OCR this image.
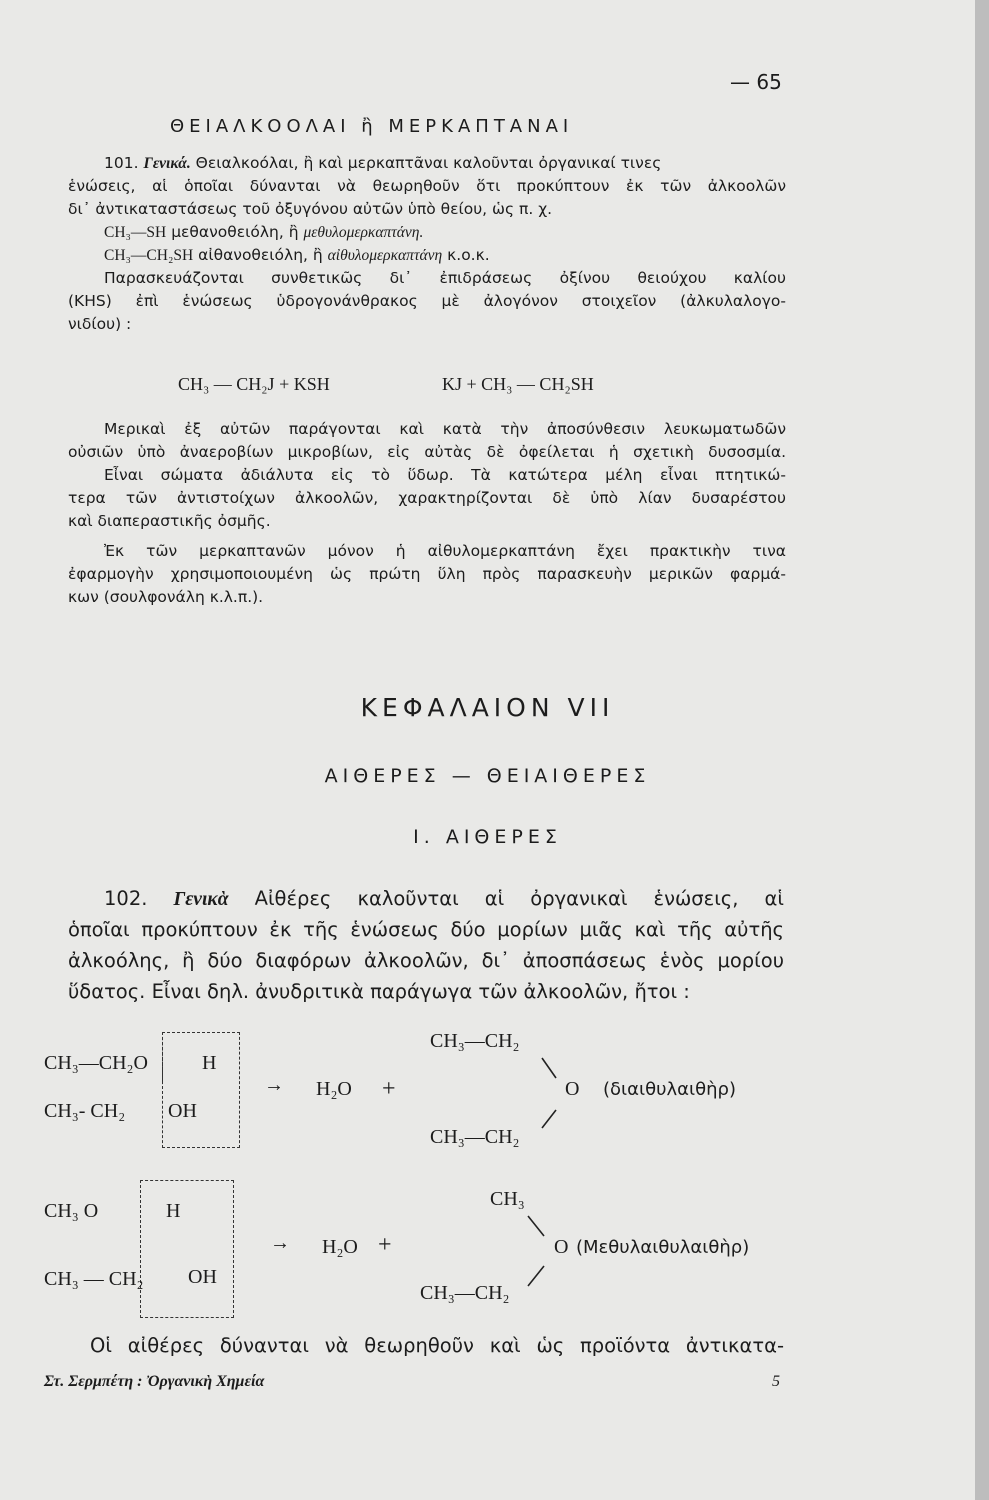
— 65
ΘΕΙΑΛΚΟΟΛΑΙ ἢ ΜΕΡΚΑΠΤΑΝΑΙ
101. Γενικά. Θειαλκοόλαι, ἢ καὶ μερκαπτᾶναι καλοῦνται ὀργανικαί τινες
ἑνώσεις, αἱ ὁποῖαι δύνανται νὰ θεωρηθοῦν ὅτι προκύπτουν ἐκ τῶν ἀλκοολῶν
δι᾽ ἀντικαταστάσεως τοῦ ὀξυγόνου αὐτῶν ὑπὸ θείου, ὡς π. χ.
CH₃—SH μεθανοθειόλη, ἢ μεθυλομερκαπτάνη.
CH₃—CH₂SH αἰθανοθειόλη, ἢ αἰθυλομερκαπτάνη κ.ο.κ.
Παρασκευάζονται συνθετικῶς δι᾽ ἐπιδράσεως ὀξίνου θειούχου καλίου
(KHS) ἐπὶ ἑνώσεως ὑδρογονάνθρακος μὲ ἀλογόνον στοιχεῖον (ἀλκυλαλογο-
νιδίου) :
CH₃ — CH₂J + KSH	KJ + CH₃ — CH₂SH
Μερικαὶ ἐξ αὐτῶν παράγονται καὶ κατὰ τὴν ἀποσύνθεσιν λευκωματωδῶν
οὐσιῶν ὑπὸ ἀναεροβίων μικροβίων, εἰς αὐτὰς δὲ ὀφείλεται ἡ σχετικὴ δυσοσμία.
Εἶναι σώματα ἀδιάλυτα εἰς τὸ ὕδωρ. Τὰ κατώτερα μέλη εἶναι πτητικώ-
τερα τῶν ἀντιστοίχων ἀλκοολῶν, χαρακτηρίζονται δὲ ὑπὸ λίαν δυσαρέστου
καὶ διαπεραστικῆς ὀσμῆς.
Ἐκ τῶν μερκαπτανῶν μόνον ἡ αἰθυλομερκαπτάνη ἔχει πρακτικὴν τινα
ἐφαρμογὴν χρησιμοποιουμένη ὡς πρώτη ὕλη πρὸς παρασκευὴν μερικῶν φαρμά-
κων (σουλφονάλη κ.λ.π.).
ΚΕΦΑΛΑΙΟΝ VII
ΑΙΘΕΡΕΣ — ΘΕΙΑΙΘΕΡΕΣ
I. ΑΙΘΕΡΕΣ
102. Γενικὰ Αἰθέρες καλοῦνται αἱ ὀργανικαὶ ἑνώσεις, αἱ
ὁποῖαι προκύπτουν ἐκ τῆς ἑνώσεως δύο μορίων μιᾶς καὶ τῆς αὐτῆς
ἀλκοόλης, ἢ δύο διαφόρων ἀλκοολῶν, δι᾽ ἀποσπάσεως ἑνὸς μορίου
ὕδατος. Εἶναι δηλ. ἀνυδριτικὰ παράγωγα τῶν ἀλκοολῶν, ἤτοι :
CH₃—CH₂O	H
CH₃- CH₂ OH
→ H₂O +
CH₃—CH₂
O (διαιθυλαιθὴρ)
CH₃—CH₂
CH₃ O	H
CH₃ — CH₂ OH
→ H₂O +
CH₃
O (Μεθυλαιθυλαιθὴρ)
CH₃—CH₂
Οἱ αἰθέρες δύνανται νὰ θεωρηθοῦν καὶ ὡς προϊόντα ἀντικατα-
Στ. Σερμπέτη : Ὀργανικὴ Χημεία	5
